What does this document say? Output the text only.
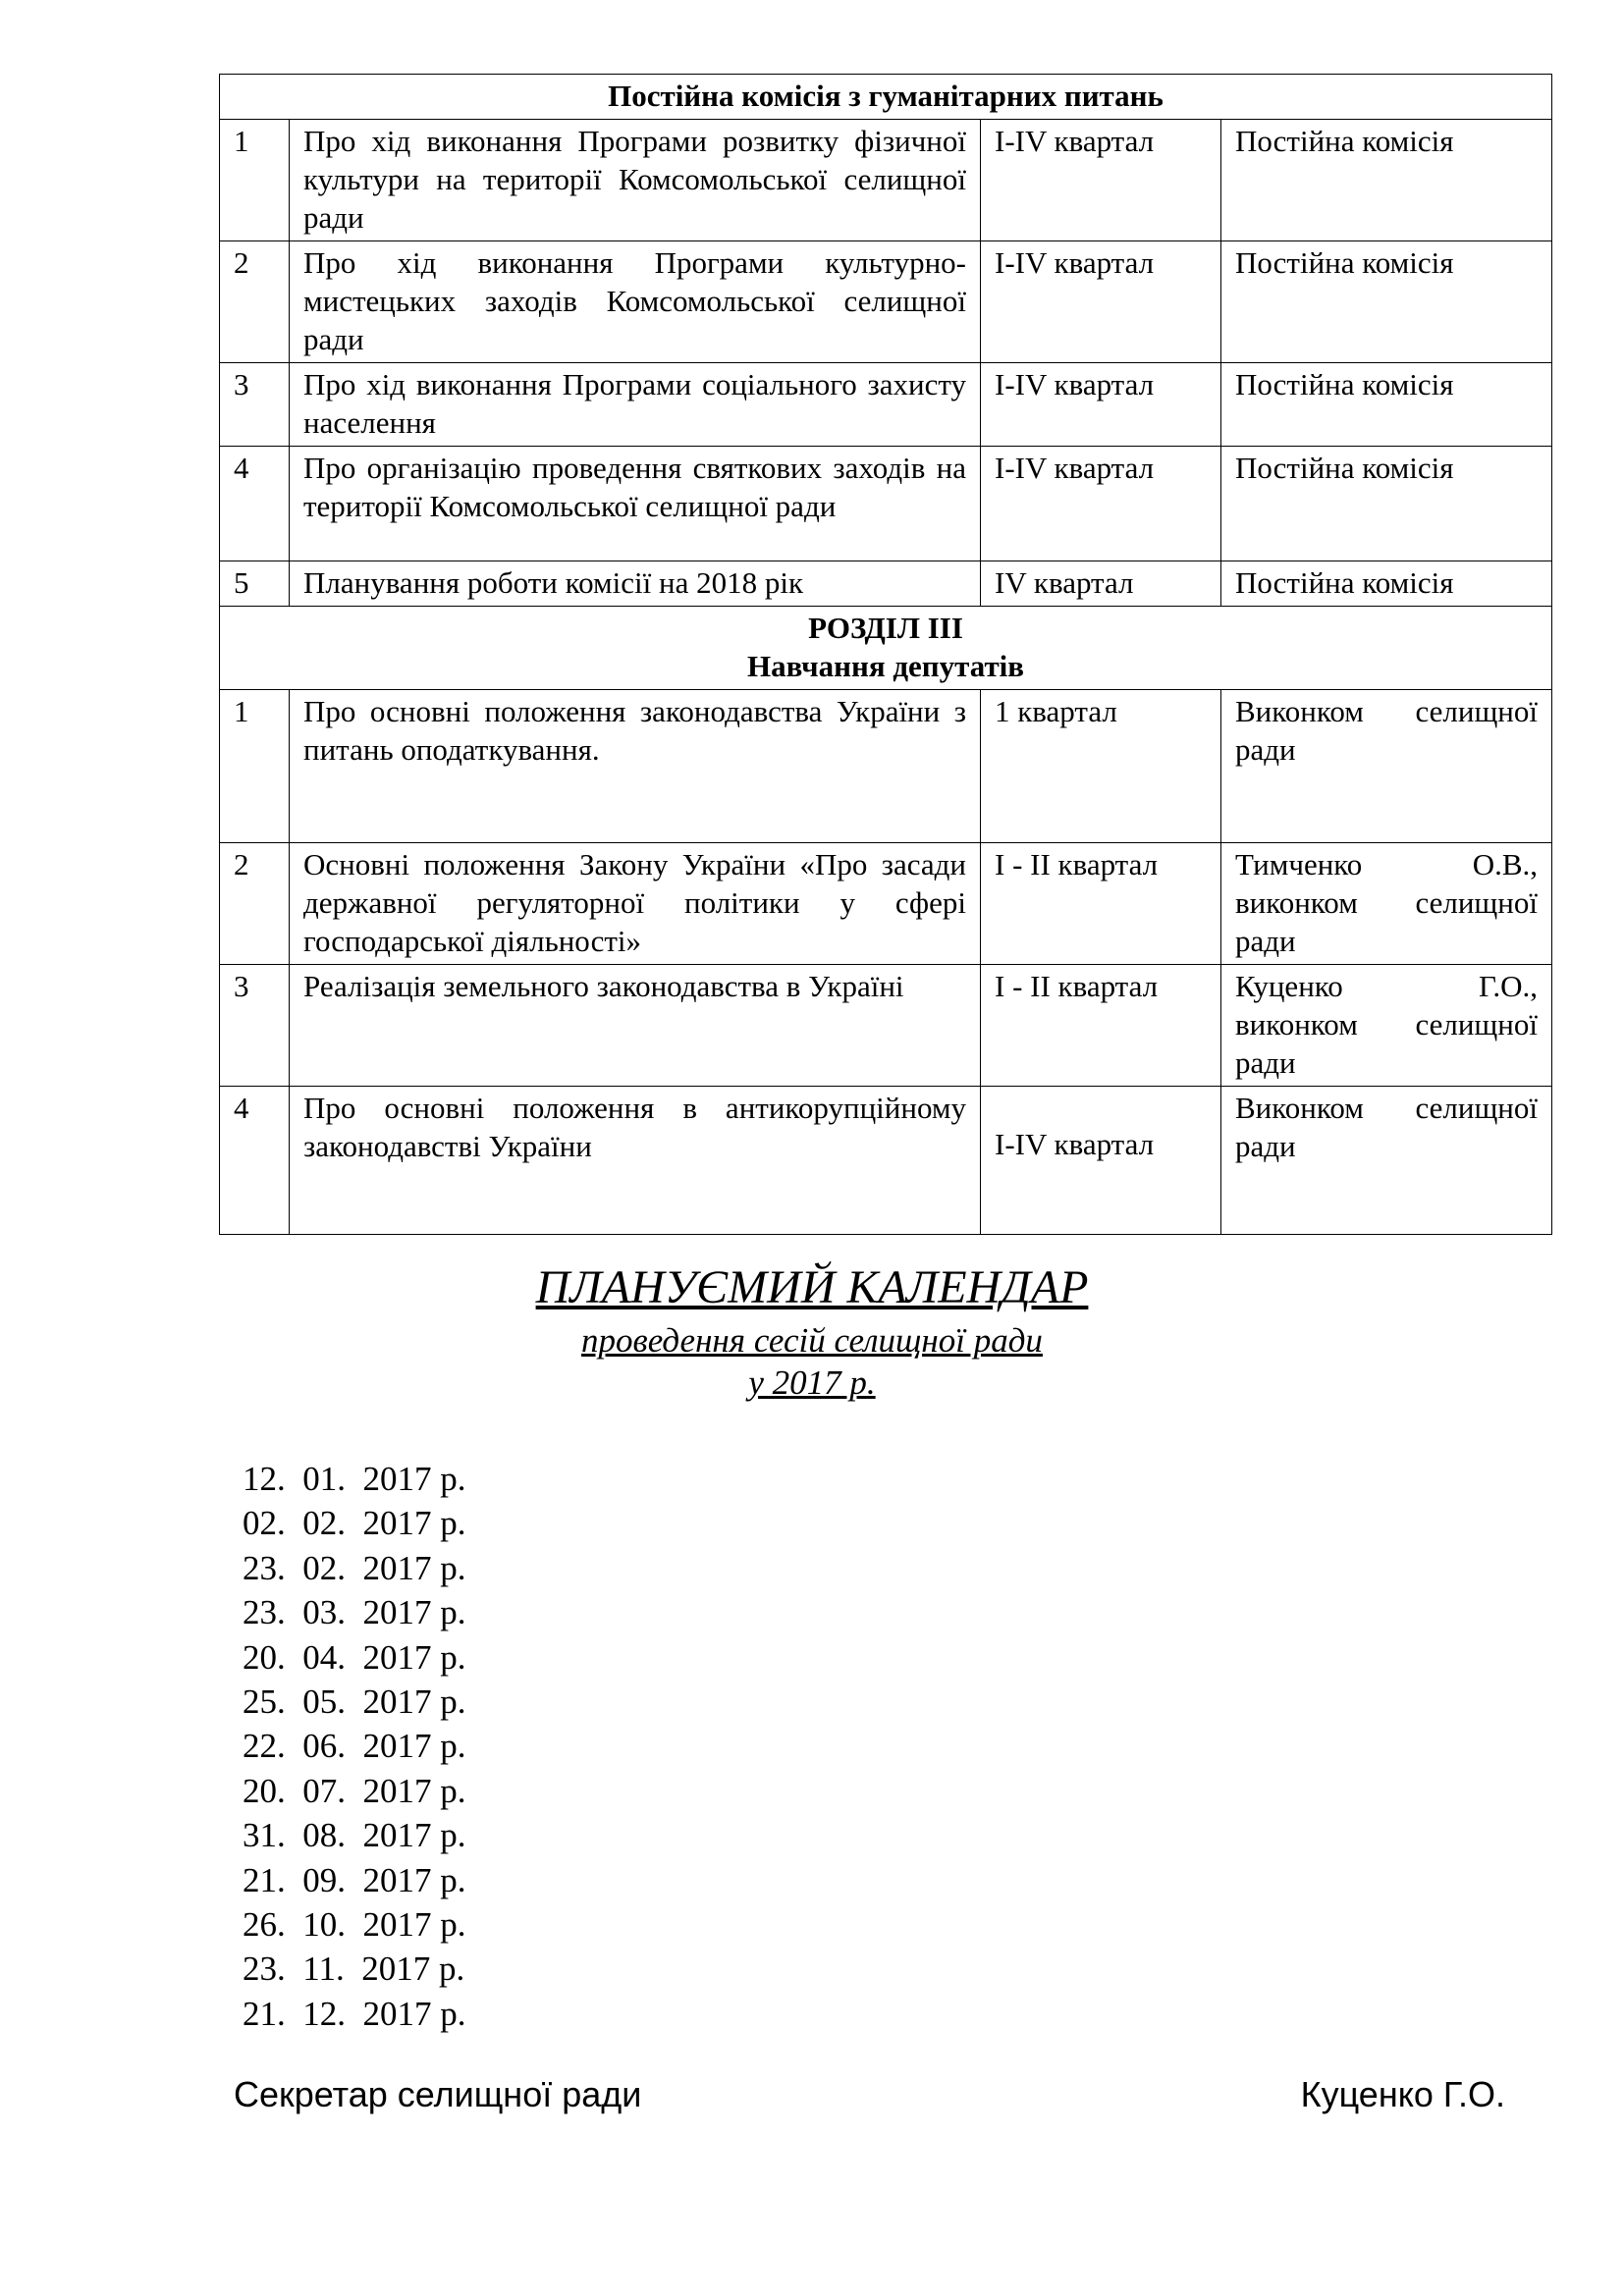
Постійна комісія з гуманітарних питань			
1	Про хід виконання Програми розвитку фізичної культури на території Комсомольської селищної ради	І-ІV квартал	Постійна комісія
2	Про хід виконання Програми культурно-мистецьких заходів Комсомольської селищної ради	І-ІV квартал	Постійна комісія
3	Про хід виконання Програми соціального захисту населення	І-ІV квартал	Постійна комісія
4	Про організацію проведення святкових заходів на території Комсомольської селищної ради	І-ІV квартал	Постійна комісія
5	Планування роботи комісії на 2018 рік	ІV квартал	Постійна комісія

РОЗДІЛ ІІІ
Навчання депутатів			

1	Про основні положення законодавства України з питань оподаткування.	1 квартал	Виконком селищної ради
2	Основні положення Закону України «Про засади державної регуляторної політики у сфері господарської діяльності»	І - ІІ квартал	Тимченко О.В., виконком селищної ради
3	Реалізація земельного законодавства в Україні	І - ІІ квартал	Куценко Г.О., виконком селищної ради
4	Про основні положення в антикорупційному законодавстві України	І-ІV квартал	Виконком селищної ради
ПЛАНУЄМИЙ КАЛЕНДАР
проведення сесій селищної ради
у 2017 р.
12.  01.  2017 р.
02.  02.  2017 р.
23.  02.  2017 р.
23.  03.  2017 р.
20.  04.  2017 р.
25.  05.  2017 р.
22.  06.  2017 р.
20.  07.  2017 р.
31.  08.  2017 р.
21.  09.  2017 р.
26.  10.  2017 р.
23.  11.  2017 р.
21.  12.  2017 р.
Секретар селищної ради	Куценко Г.О.
